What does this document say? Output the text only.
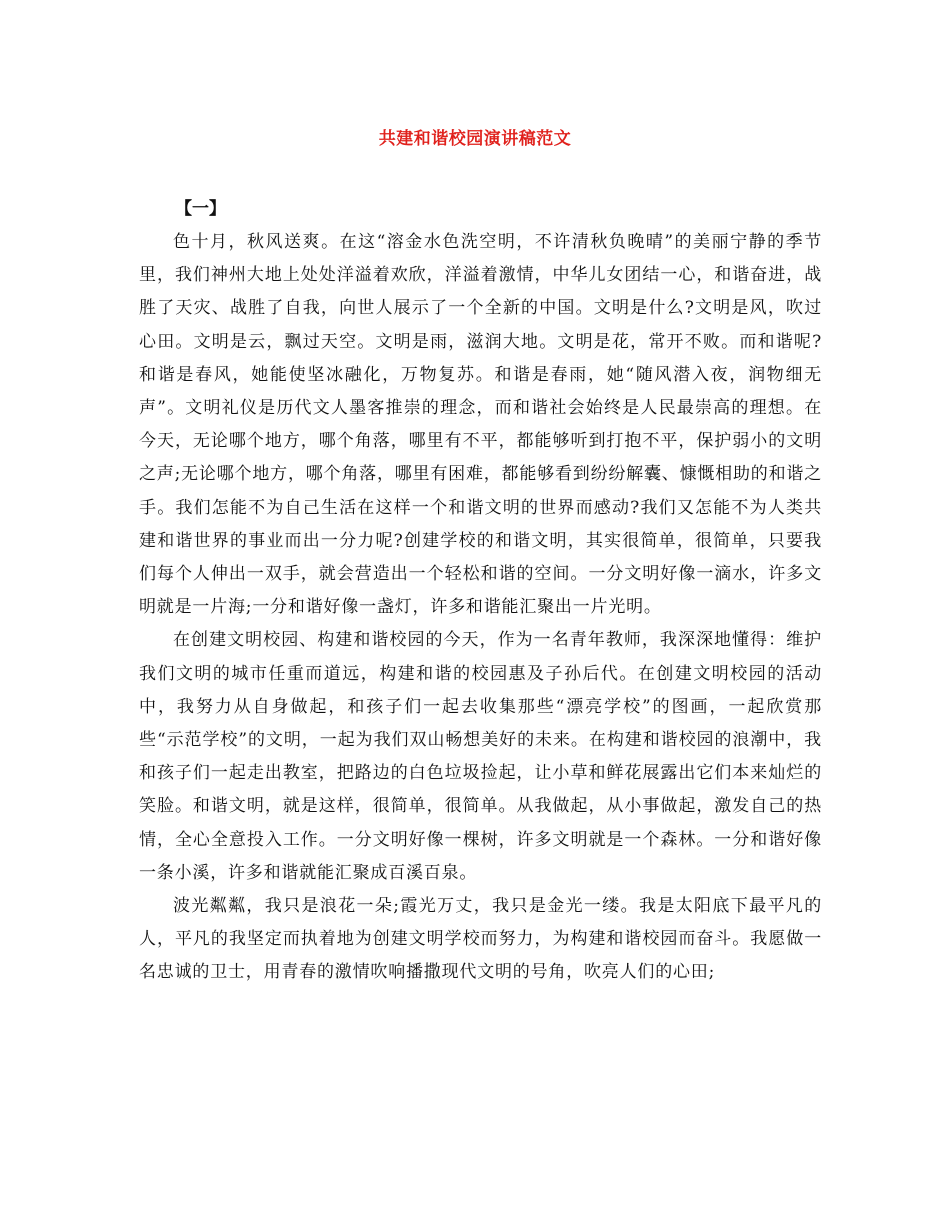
共建和谐校园演讲稿范文
【一】

色十月，秋风送爽。在这“溶金水色洗空明，不许清秋负晚晴”的美丽宁静的季节里，我们神州大地上处处洋溢着欢欣，洋溢着激情，中华儿女团结一心，和谐奋进，战胜了天灾、战胜了自我，向世人展示了一个全新的中国。文明是什么?文明是风，吹过心田。文明是云，飘过天空。文明是雨，滋润大地。文明是花，常开不败。而和谐呢?和谐是春风，她能使坚冰融化，万物复苏。和谐是春雨，她“随风潜入夜，润物细无声”。文明礼仪是历代文人墨客推崇的理念，而和谐社会始终是人民最崇高的理想。在今天，无论哪个地方，哪个角落，哪里有不平，都能够听到打抱不平，保护弱小的文明之声;无论哪个地方，哪个角落，哪里有困难，都能够看到纷纷解囊、慷慨相助的和谐之手。我们怎能不为自己生活在这样一个和谐文明的世界而感动?我们又怎能不为人类共建和谐世界的事业而出一分力呢?创建学校的和谐文明，其实很简单，很简单，只要我们每个人伸出一双手，就会营造出一个轻松和谐的空间。一分文明好像一滴水，许多文明就是一片海;一分和谐好像一盏灯，许多和谐能汇聚出一片光明。

在创建文明校园、构建和谐校园的今天，作为一名青年教师，我深深地懂得：维护我们文明的城市任重而道远，构建和谐的校园惠及子孙后代。在创建文明校园的活动中，我努力从自身做起，和孩子们一起去收集那些“漂亮学校”的图画，一起欣赏那些“示范学校”的文明，一起为我们双山畅想美好的未来。在构建和谐校园的浪潮中，我和孩子们一起走出教室，把路边的白色垃圾捡起，让小草和鲜花展露出它们本来灿烂的笑脸。和谐文明，就是这样，很简单，很简单。从我做起，从小事做起，激发自己的热情，全心全意投入工作。一分文明好像一棵树，许多文明就是一个森林。一分和谐好像一条小溪，许多和谐就能汇聚成百溪百泉。

波光粼粼，我只是浪花一朵;霞光万丈，我只是金光一缕。我是太阳底下最平凡的人，平凡的我坚定而执着地为创建文明学校而努力，为构建和谐校园而奋斗。我愿做一名忠诚的卫士，用青春的激情吹响播撒现代文明的号角，吹亮人们的心田;
